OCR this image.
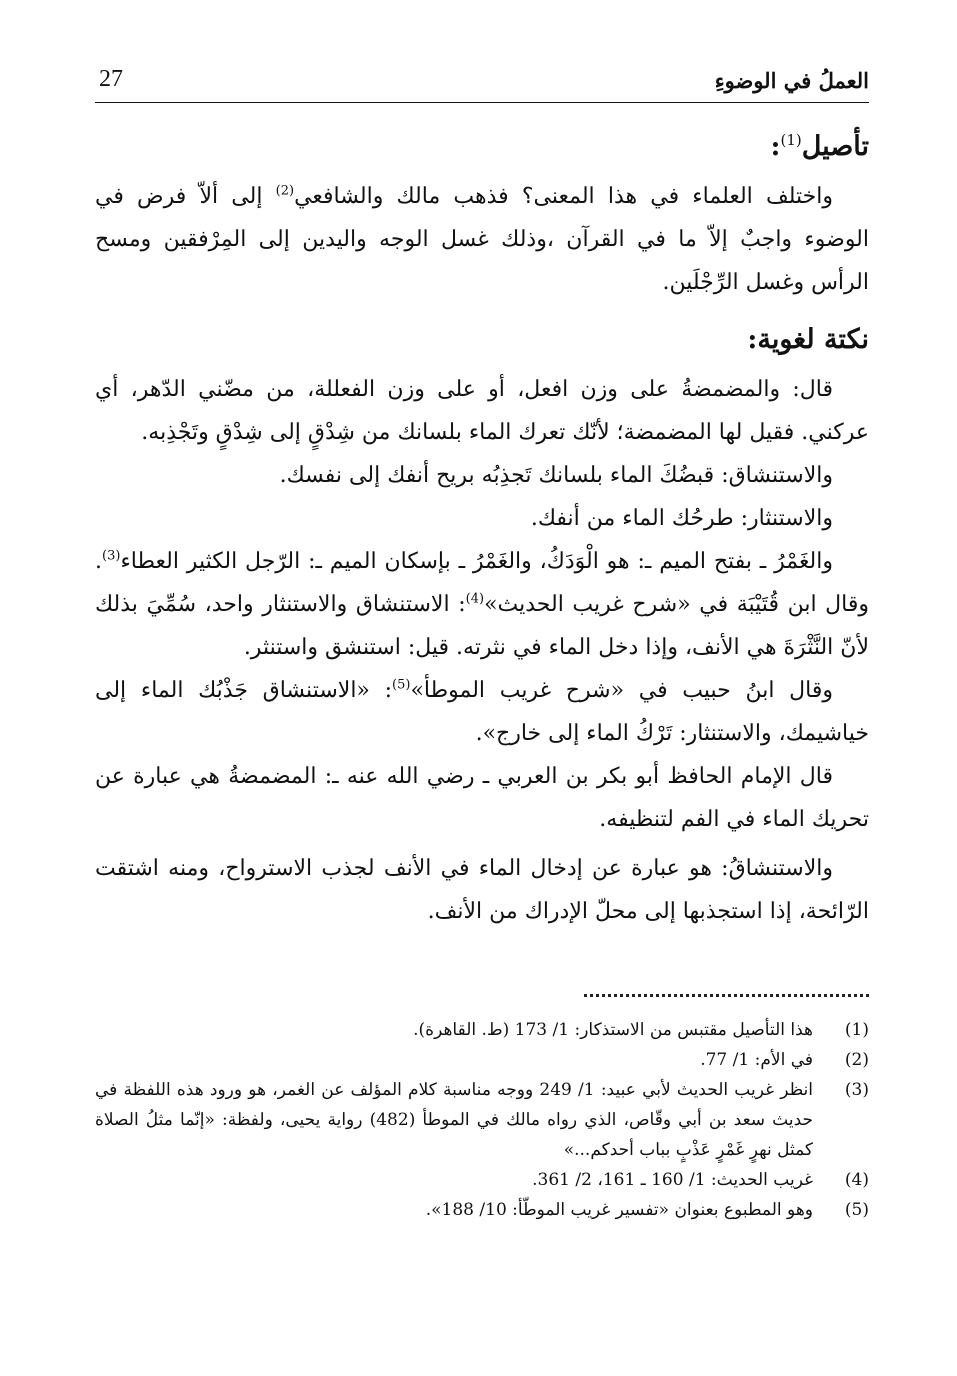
27	العملُ في الوضوءِ
تأصيل$^{(1)}$:

واختلف العلماء في هذا المعنى؟ فذهب مالك والشافعي$^{(2)}$ إلى ألاّ فرض في الوضوء واجبٌ إلاّ ما في القرآن ،وذلك غسل الوجه واليدين إلى المِرْفقين ومسح الرأس وغسل الرِّجْلَين.

نكتة لغوية:

قال: والمضمضةُ على وزن افعل، أو على وزن الفعللة، من مضّني الدّهر، أي عركني. فقيل لها المضمضة؛ لأنّك تعرك الماء بلسانك من شِدْقٍ إلى شِدْقٍ وتَجْذِبه.

والاستنشاق: قبضُكَ الماء بلسانك تَجذِبُه بريح أنفك إلى نفسك.

والاستنثار: طرحُك الماء من أنفك.

والغَمْرُ ـ بفتح الميم ـ: هو الْوَدَكُ، والغَمْرُ ـ بإسكان الميم ـ: الرّجل الكثير العطاء$^{(3)}$. وقال ابن قُتَيْبَة في «شرح غريب الحديث»$^{(4)}$: الاستنشاق والاستنثار واحد، سُمِّيَ بذلك لأنّ النَّثْرَةَ هي الأنف، وإذا دخل الماء في نثرته. قيل: استنشق واستنثر.

وقال ابنُ حبيب في «شرح غريب الموطأ»$^{(5)}$: «الاستنشاق جَذْبُك الماء إلى خياشيمك، والاستنثار: تَرْكُ الماء إلى خارج».

قال الإمام الحافظ أبو بكر بن العربي ـ رضي الله عنه ـ: المضمضةُ هي عبارة عن تحريك الماء في الفم لتنظيفه.

والاستنشاقُ: هو عبارة عن إدخال الماء في الأنف لجذب الاسترواح، ومنه اشتقت الرّائحة، إذا استجذبها إلى محلّ الإدراك من الأنف.

(1)
هذا التأصيل مقتبس من الاستذكار: 1/ 173 (ط. القاهرة).
(2)
في الأم: 1/ 77.
(3)
انظر غريب الحديث لأبي عبيد: 1/ 249 ووجه مناسبة كلام المؤلف عن الغمر، هو ورود هذه اللفظة في حديث سعد بن أبي وقّاص، الذي رواه مالك في الموطأ (482) رواية يحيى، ولفظة: «إنّما مثلُ الصلاة كمثل نهرٍ غَمْرٍ عَذْبٍ بباب أحدكم...»
(4)
غريب الحديث: 1/ 160 ـ 161، 2/ 361.
(5)
وهو المطبوع بعنوان «تفسير غريب الموطّأ: 10/ 188».
